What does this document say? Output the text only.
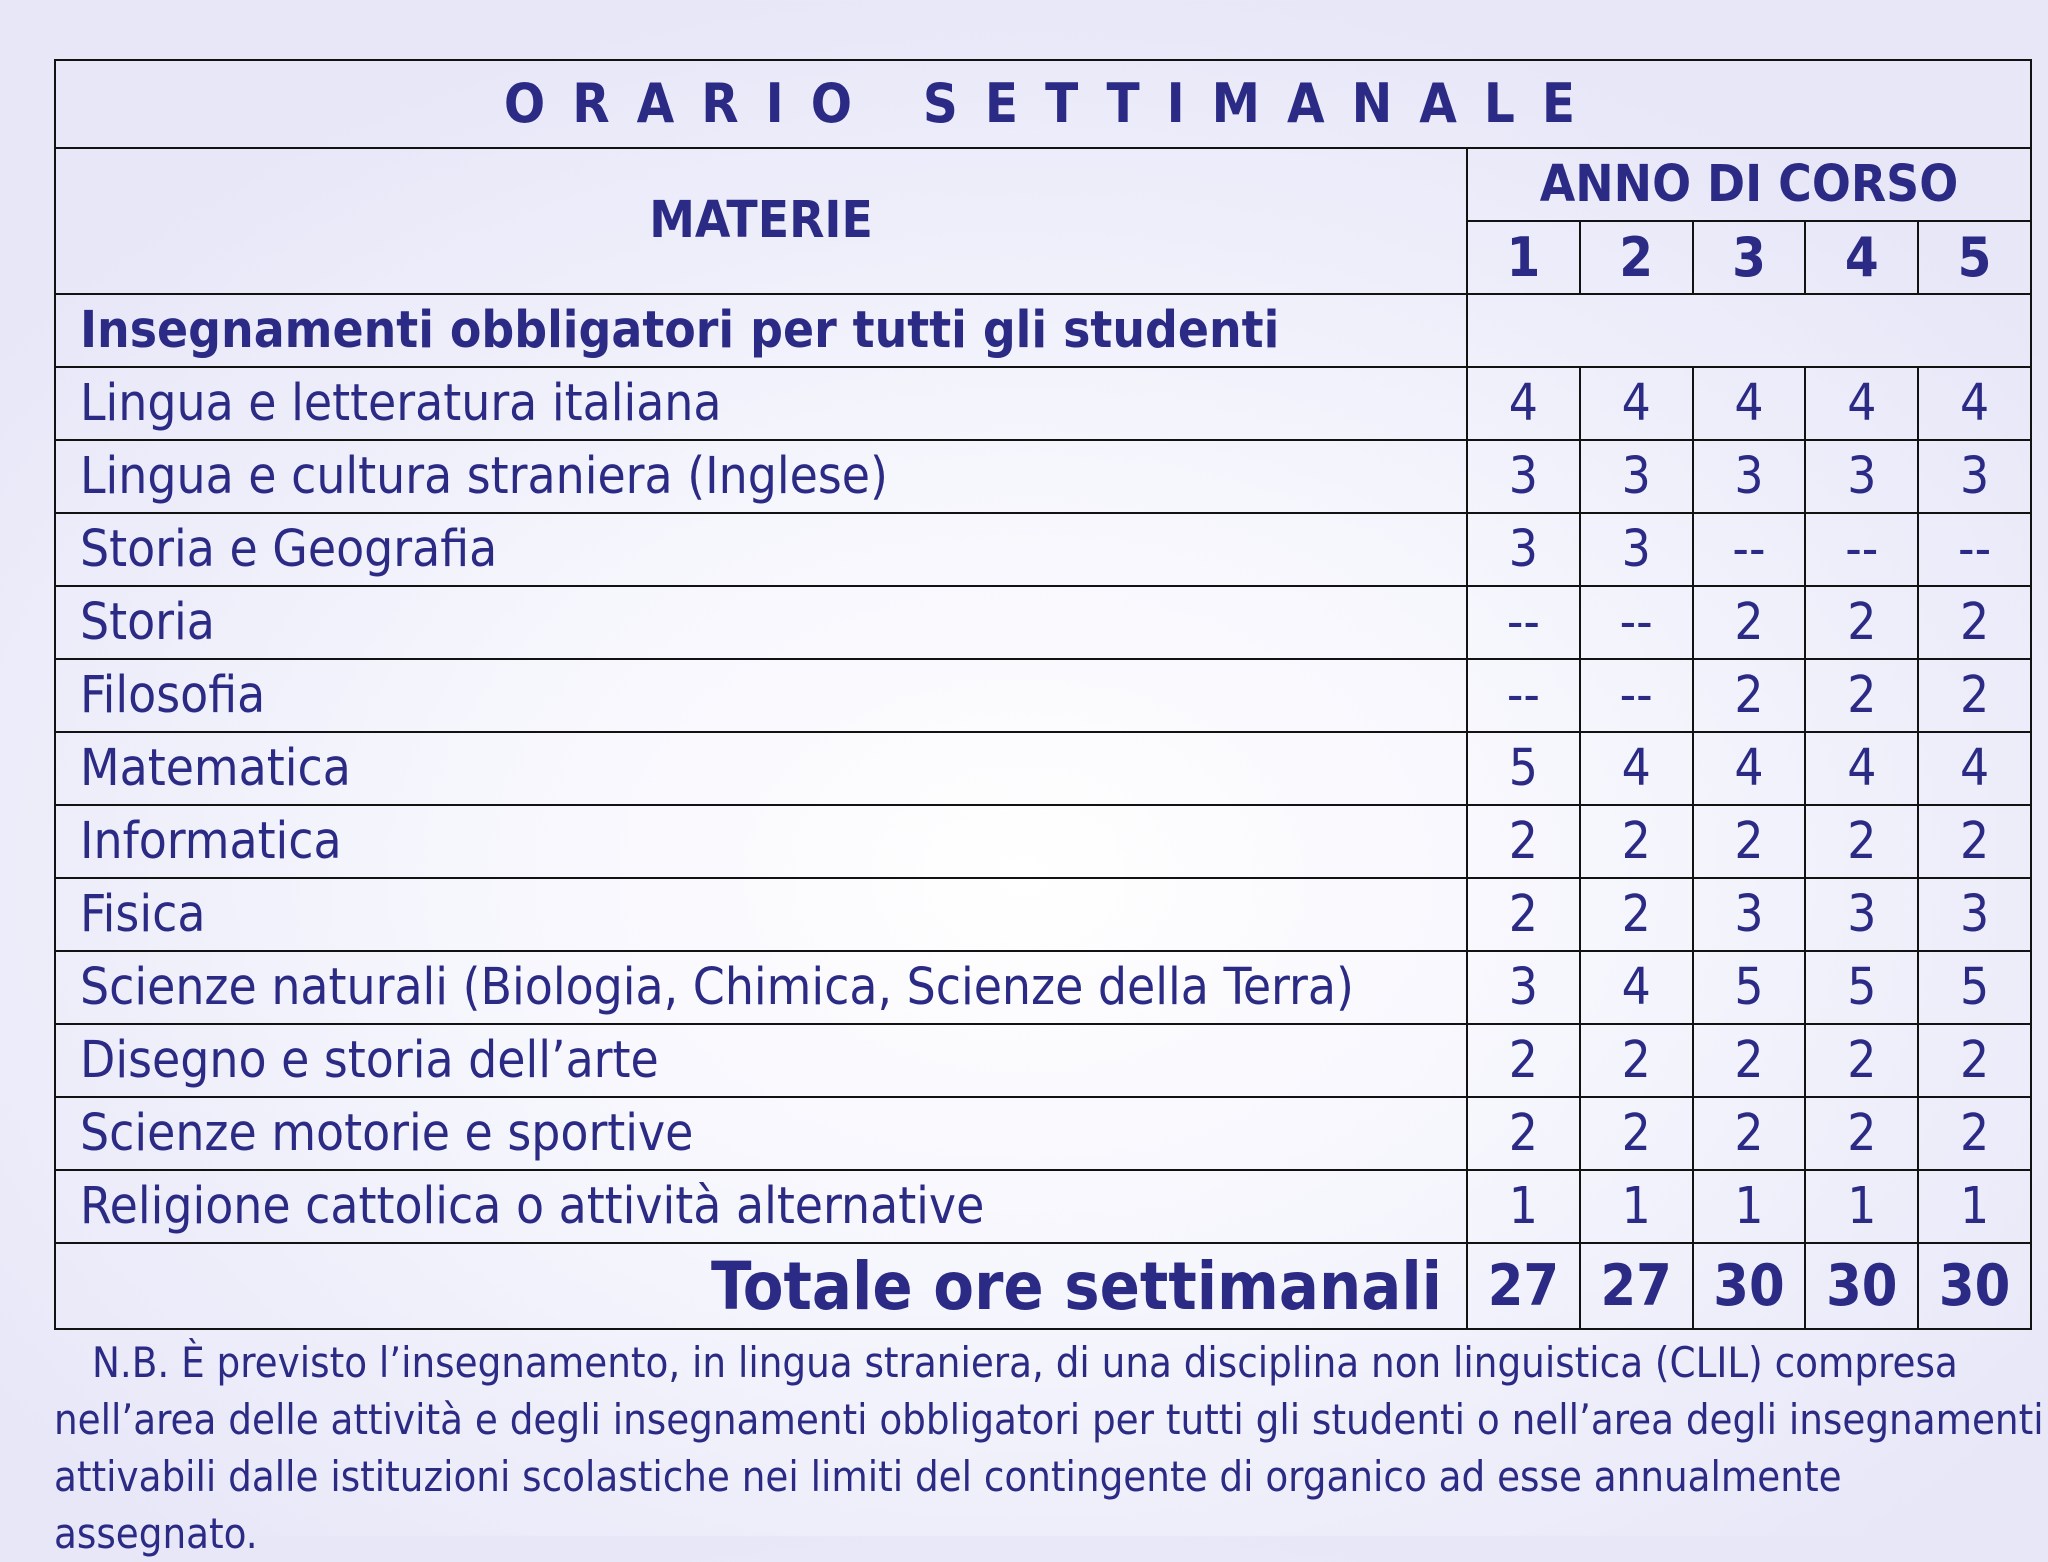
ORARIO SETTIMANALE					
MATERIE	ANNO DI CORSO				
	1	2	3	4	5
Insegnamenti obbligatori per tutti gli studenti					
Lingua e letteratura italiana	4	4	4	4	4
Lingua e cultura straniera (Inglese)	3	3	3	3	3
Storia e Geografia	3	3	--	--	--
Storia	--	--	2	2	2
Filosofia	--	--	2	2	2
Matematica	5	4	4	4	4
Informatica	2	2	2	2	2
Fisica	2	2	3	3	3
Scienze naturali (Biologia, Chimica, Scienze della Terra)	3	4	5	5	5
Disegno e storia dell’arte	2	2	2	2	2
Scienze motorie e sportive	2	2	2	2	2
Religione cattolica o attività alternative	1	1	1	1	1
Totale ore settimanali	27	27	30	30	30

N.B. È previsto l’insegnamento, in lingua straniera, di una disciplina non linguistica (CLIL) compresa nell’area delle attività e degli insegnamenti obbligatori per tutti gli studenti o nell’area degli insegnamenti attivabili dalle istituzioni scolastiche nei limiti del contingente di organico ad esse annualmente assegnato.
